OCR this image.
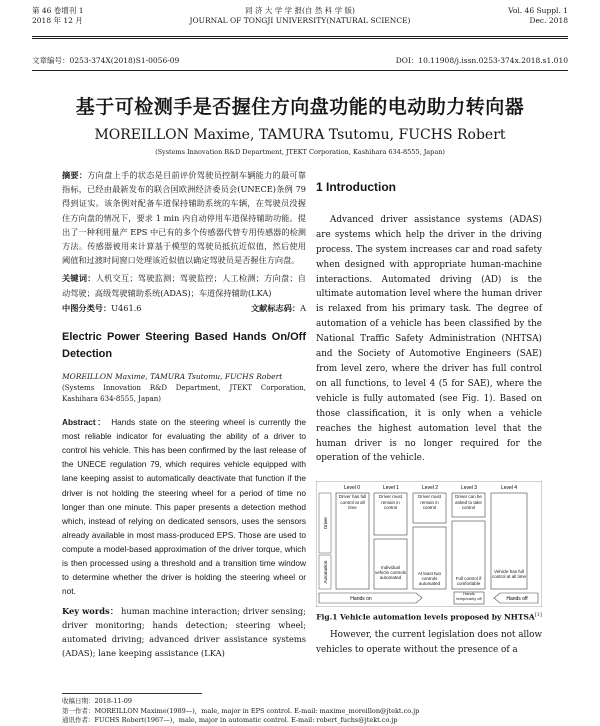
第 46 卷增刊 1
2018 年 12 月
同 济 大 学 学 报(自 然 科 学 版)
JOURNAL OF TONGJI UNIVERSITY(NATURAL SCIENCE)
Vol. 46 Suppl. 1
Dec. 2018
文章编号：0253-374X(2018)S1-0056-09	DOI：10.11908/j.issn.0253-374x.2018.s1.010
基于可检测手是否握住方向盘功能的电动助力转向器
MOREILLON Maxime, TAMURA Tsutomu, FUCHS Robert
(Systems Innovation R&D Department, JTEKT Corporation, Kashihara 634-8555, Japan)

摘要：方向盘上手的状态是目前评价驾驶员控制车辆能力的最可靠指标，已经由最新发布的联合国欧洲经济委员会(UNECE)条例 79 得到证实。该条例对配备车道保持辅助系统的车辆，在驾驶员没握住方向盘的情况下，要求 1 min 内自动停用车道保持辅助功能。提出了一种利用量产 EPS 中已有的多个传感器代替专用传感器的检测方法。传感器被用来计算基于模型的驾驶员抵抗近似值，然后使用阈值和过渡时间窗口处理该近似值以确定驾驶员是否握住方向盘。

关键词：人机交互；驾驶监测；驾驶监控；人工检测；方向盘；自动驾驶；高级驾驶辅助系统(ADAS)；车道保持辅助(LKA)

中图分类号：U461.6	文献标志码：A
Electric Power Steering Based Hands On/Off Detection
MOREILLON Maxime, TAMURA Tsutomu, FUCHS Robert
(Systems Innovation R&D Department, JTEKT Corporation, Kashihara 634-8555, Japan)

Abstract： Hands state on the steering wheel is currently the most reliable indicator for evaluating the ability of a driver to control his vehicle. This has been confirmed by the last release of the UNECE regulation 79, which requires vehicle equipped with lane keeping assist to automatically deactivate that function if the driver is not holding the steering wheel for a period of time no longer than one minute. This paper presents a detection method which, instead of relying on dedicated sensors, uses the sensors already available in most mass-produced EPS. Those are used to compute a model-based approximation of the driver torque, which is then processed using a threshold and a transition time window to determine whether the driver is holding the steering wheel or not.

Key words： human machine interaction; driver sensing; driver monitoring; hands detection; steering wheel; automated driving; advanced driver assistance systems (ADAS); lane keeping assistance (LKA)

1 Introduction

Advanced driver assistance systems (ADAS) are systems which help the driver in the driving process. The system increases car and road safety when designed with appropriate human-machine interactions. Automated driving (AD) is the ultimate automation level where the human driver is relaxed from his primary task. The degree of automation of a vehicle has been classified by the National Traffic Safety Administration (NHTSA) and the Society of Automotive Engineers (SAE) from level zero, where the driver has full control on all functions, to level 4 (5 for SAE), where the vehicle is fully automated (see Fig. 1). Based on those classification, it is only when a vehicle reaches the highest automation level that the human driver is no longer required for the operation of the vehicle.

Level 0	Level 1	Level 2	Level 3	Level 4
Driver
Automation
Driver has full control at all time
Driver must remain in control
Individual vehicle controls automated
Driver must remain in control
At least two controls automated
Driver can be asked to take control
Full control if comfortable
Vehicle has full control at all time
Hands on
Hands temporarily off	Hands off
Fig.1 Vehicle automation levels proposed by NHTSA[1]

However, the current legislation does not allow vehicles to operate without the presence of a

收稿日期：2018-11-09
第一作者：MOREILLON Maxime(1989—)，male, major in EPS control. E-mail: maxime_moreillon@jtekt.co.jp
通讯作者：FUCHS Robert(1967—)，male, major in automatic control. E-mail: robert_fuchs@jtekt.co.jp
